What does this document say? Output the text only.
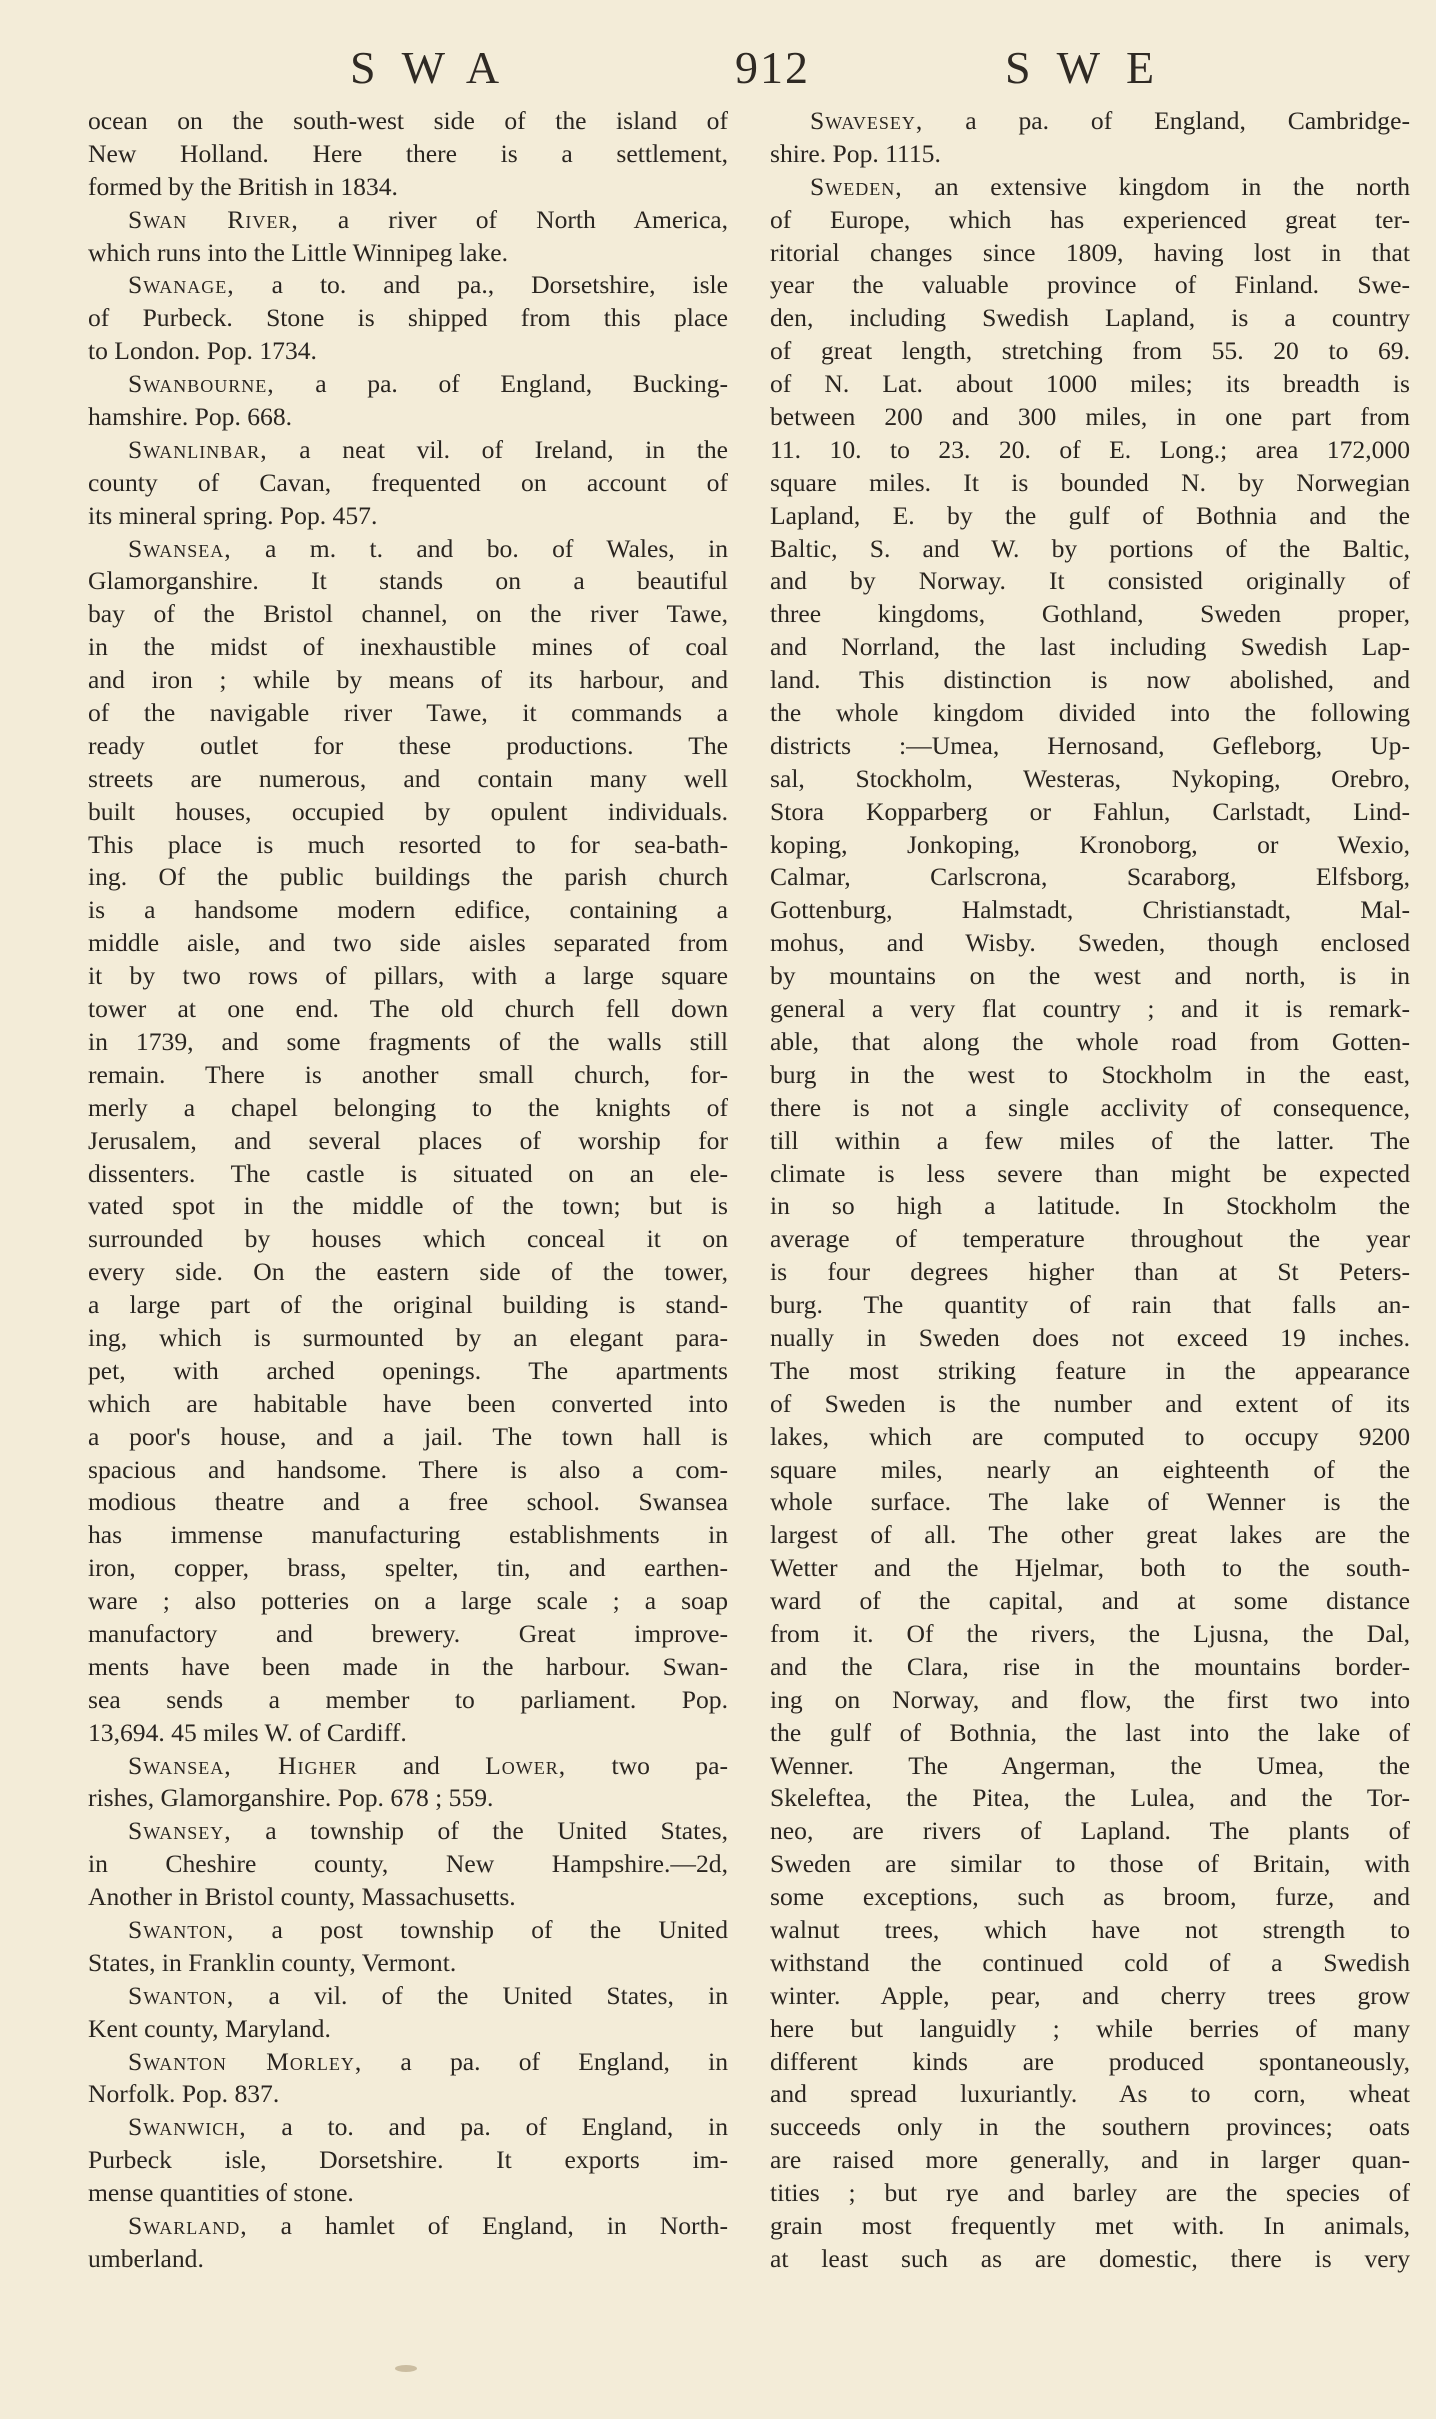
SWA	912	SWE
ocean on the south-west side of the island of
New Holland. Here there is a settlement,
formed by the British in 1834.
Swan River, a river of North America,
which runs into the Little Winnipeg lake.
Swanage, a to. and pa., Dorsetshire, isle
of Purbeck. Stone is shipped from this place
to London. Pop. 1734.
Swanbourne, a pa. of England, Bucking-
hamshire. Pop. 668.
Swanlinbar, a neat vil. of Ireland, in the
county of Cavan, frequented on account of
its mineral spring. Pop. 457.
Swansea, a m. t. and bo. of Wales, in
Glamorganshire. It stands on a beautiful
bay of the Bristol channel, on the river Tawe,
in the midst of inexhaustible mines of coal
and iron ; while by means of its harbour, and
of the navigable river Tawe, it commands a
ready outlet for these productions. The
streets are numerous, and contain many well
built houses, occupied by opulent individuals.
This place is much resorted to for sea-bath-
ing. Of the public buildings the parish church
is a handsome modern edifice, containing a
middle aisle, and two side aisles separated from
it by two rows of pillars, with a large square
tower at one end. The old church fell down
in 1739, and some fragments of the walls still
remain. There is another small church, for-
merly a chapel belonging to the knights of
Jerusalem, and several places of worship for
dissenters. The castle is situated on an ele-
vated spot in the middle of the town; but is
surrounded by houses which conceal it on
every side. On the eastern side of the tower,
a large part of the original building is stand-
ing, which is surmounted by an elegant para-
pet, with arched openings. The apartments
which are habitable have been converted into
a poor's house, and a jail. The town hall is
spacious and handsome. There is also a com-
modious theatre and a free school. Swansea
has immense manufacturing establishments in
iron, copper, brass, spelter, tin, and earthen-
ware ; also potteries on a large scale ; a soap
manufactory and brewery. Great improve-
ments have been made in the harbour. Swan-
sea sends a member to parliament. Pop.
13,694. 45 miles W. of Cardiff.
Swansea, Higher and Lower, two pa-
rishes, Glamorganshire. Pop. 678 ; 559.
Swansey, a township of the United States,
in Cheshire county, New Hampshire.—2d,
Another in Bristol county, Massachusetts.
Swanton, a post township of the United
States, in Franklin county, Vermont.
Swanton, a vil. of the United States, in
Kent county, Maryland.
Swanton Morley, a pa. of England, in
Norfolk. Pop. 837.
Swanwich, a to. and pa. of England, in
Purbeck isle, Dorsetshire. It exports im-
mense quantities of stone.
Swarland, a hamlet of England, in North-
umberland.
Swavesey, a pa. of England, Cambridge-
shire. Pop. 1115.
Sweden, an extensive kingdom in the north
of Europe, which has experienced great ter-
ritorial changes since 1809, having lost in that
year the valuable province of Finland. Swe-
den, including Swedish Lapland, is a country
of great length, stretching from 55. 20 to 69.
of N. Lat. about 1000 miles; its breadth is
between 200 and 300 miles, in one part from
11. 10. to 23. 20. of E. Long.; area 172,000
square miles. It is bounded N. by Norwegian
Lapland, E. by the gulf of Bothnia and the
Baltic, S. and W. by portions of the Baltic,
and by Norway. It consisted originally of
three kingdoms, Gothland, Sweden proper,
and Norrland, the last including Swedish Lap-
land. This distinction is now abolished, and
the whole kingdom divided into the following
districts :—Umea, Hernosand, Gefleborg, Up-
sal, Stockholm, Westeras, Nykoping, Orebro,
Stora Kopparberg or Fahlun, Carlstadt, Lind-
koping, Jonkoping, Kronoborg, or Wexio,
Calmar, Carlscrona, Scaraborg, Elfsborg,
Gottenburg, Halmstadt, Christianstadt, Mal-
mohus, and Wisby. Sweden, though enclosed
by mountains on the west and north, is in
general a very flat country ; and it is remark-
able, that along the whole road from Gotten-
burg in the west to Stockholm in the east,
there is not a single acclivity of consequence,
till within a few miles of the latter. The
climate is less severe than might be expected
in so high a latitude. In Stockholm the
average of temperature throughout the year
is four degrees higher than at St Peters-
burg. The quantity of rain that falls an-
nually in Sweden does not exceed 19 inches.
The most striking feature in the appearance
of Sweden is the number and extent of its
lakes, which are computed to occupy 9200
square miles, nearly an eighteenth of the
whole surface. The lake of Wenner is the
largest of all. The other great lakes are the
Wetter and the Hjelmar, both to the south-
ward of the capital, and at some distance
from it. Of the rivers, the Ljusna, the Dal,
and the Clara, rise in the mountains border-
ing on Norway, and flow, the first two into
the gulf of Bothnia, the last into the lake of
Wenner. The Angerman, the Umea, the
Skeleftea, the Pitea, the Lulea, and the Tor-
neo, are rivers of Lapland. The plants of
Sweden are similar to those of Britain, with
some exceptions, such as broom, furze, and
walnut trees, which have not strength to
withstand the continued cold of a Swedish
winter. Apple, pear, and cherry trees grow
here but languidly ; while berries of many
different kinds are produced spontaneously,
and spread luxuriantly. As to corn, wheat
succeeds only in the southern provinces; oats
are raised more generally, and in larger quan-
tities ; but rye and barley are the species of
grain most frequently met with. In animals,
at least such as are domestic, there is very
